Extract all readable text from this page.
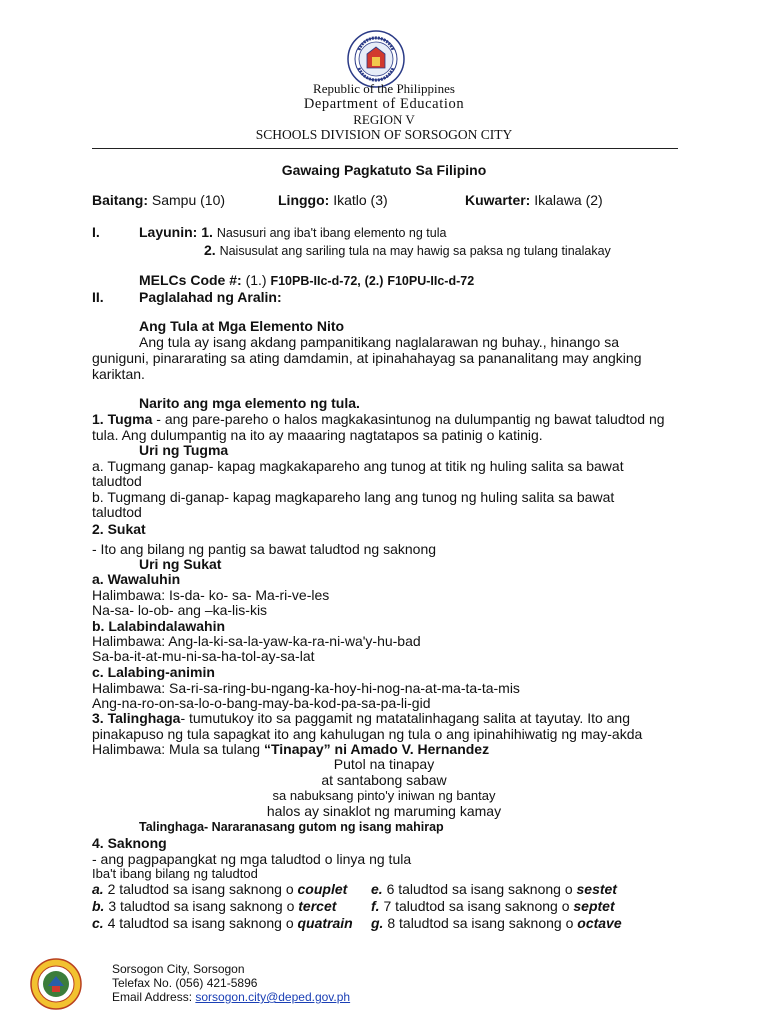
Republic of the Philippines
Department of Education
REGION V
SCHOOLS DIVISION OF SORSOGON CITY
Gawaing Pagkatuto Sa Filipino
Baitang: Sampu (10)	Linggo: Ikatlo (3)	Kuwarter: Ikalawa (2)
I.	Layunin: 1. Nasusuri ang iba't ibang elemento ng tula
2. Naisusulat ang sariling tula na may hawig sa paksa ng tulang tinalakay
MELCs Code #: (1.) F10PB-IIc-d-72, (2.) F10PU-IIc-d-72
II.	Paglalahad ng Aralin:
Ang Tula at Mga Elemento Nito
Ang tula ay isang akdang pampanitikang naglalarawan ng buhay., hinango sa
guniguni, pinararating sa ating damdamin, at ipinahahayag sa pananalitang may angking
kariktan.
Narito ang mga elemento ng tula.
1. Tugma - ang pare-pareho o halos magkakasintunog na dulumpantig ng bawat taludtod ng
tula. Ang dulumpantig na ito ay maaaring nagtatapos sa patinig o katinig.
Uri ng Tugma
a. Tugmang ganap- kapag magkakapareho ang tunog at titik ng huling salita sa bawat
taludtod
b. Tugmang di-ganap- kapag magkapareho lang ang tunog ng huling salita sa bawat
taludtod
2. Sukat
- Ito ang bilang ng pantig sa bawat taludtod ng saknong
Uri ng Sukat
a. Wawaluhin
Halimbawa: Is-da- ko- sa- Ma-ri-ve-les
Na-sa- lo-ob- ang –ka-lis-kis
b. Lalabindalawahin
Halimbawa: Ang-la-ki-sa-la-yaw-ka-ra-ni-wa'y-hu-bad
Sa-ba-it-at-mu-ni-sa-ha-tol-ay-sa-lat
c. Lalabing-animin
Halimbawa: Sa-ri-sa-ring-bu-ngang-ka-hoy-hi-nog-na-at-ma-ta-ta-mis
Ang-na-ro-on-sa-lo-o-bang-may-ba-kod-pa-sa-pa-li-gid
3. Talinghaga- tumutukoy ito sa paggamit ng matatalinhagang salita at tayutay. Ito ang
pinakapuso ng tula sapagkat ito ang kahulugan ng tula o ang ipinahihiwatig ng may-akda
Halimbawa: Mula sa tulang “Tinapay” ni Amado V. Hernandez
Putol na tinapay
at santabong sabaw
sa nabuksang pinto'y iniwan ng bantay
halos ay sinaklot ng maruming kamay
Talinghaga- Nararanasang gutom ng isang mahirap
4. Saknong
- ang pagpapangkat ng mga taludtod o linya ng tula
Iba't ibang bilang ng taludtod
a. 2 taludtod sa isang saknong o couplet
b. 3 taludtod sa isang saknong o tercet
c. 4 taludtod sa isang saknong o quatrain
e. 6 taludtod sa isang saknong o sestet
f. 7 taludtod sa isang saknong o septet
g. 8 taludtod sa isang saknong o octave
Sorsogon City, Sorsogon
Telefax No. (056) 421-5896
Email Address: sorsogon.city@deped.gov.ph
